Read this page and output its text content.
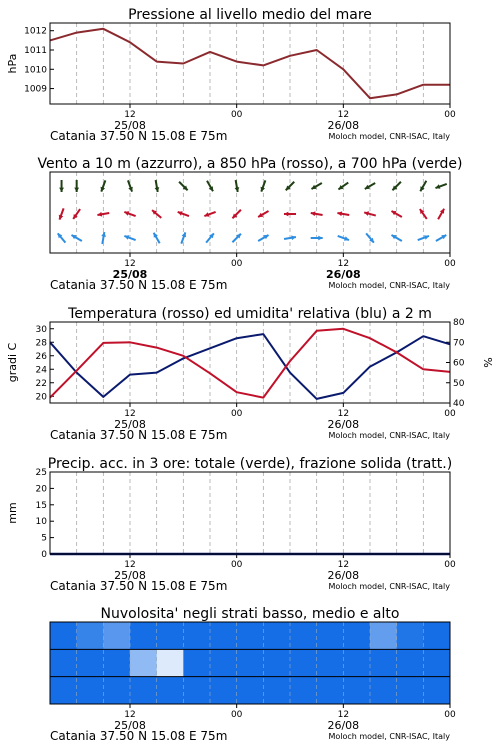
Pressione al livello medio del mare
12	00	12	00
25/08	26/08
Catania 37.50 N 15.08 E 75m	Moloch model, CNR-ISAC, Italy
1009
1010
1011
1012
hPa
Vento a 10 m (azzurro), a 850 hPa (rosso), a 700 hPa (verde)
12	00	12	00
25/08	26/08
Catania 37.50 N 15.08 E 75m	Moloch model, CNR-ISAC, Italy
Temperatura (rosso) ed umidita' relativa (blu) a 2 m
12	00	12	00
25/08	26/08
Catania 37.50 N 15.08 E 75m	Moloch model, CNR-ISAC, Italy
20
22
24
26
28
30
gradi C
40
50
60
70
80
%
Precip. acc. in 3 ore: totale (verde), frazione solida (tratt.)
12	00	12	00
25/08	26/08
Catania 37.50 N 15.08 E 75m	Moloch model, CNR-ISAC, Italy
0
5
10
15
20
25
mm
Nuvolosita' negli strati basso, medio e alto
12	00	12	00
25/08	26/08
Catania 37.50 N 15.08 E 75m	Moloch model, CNR-ISAC, Italy
